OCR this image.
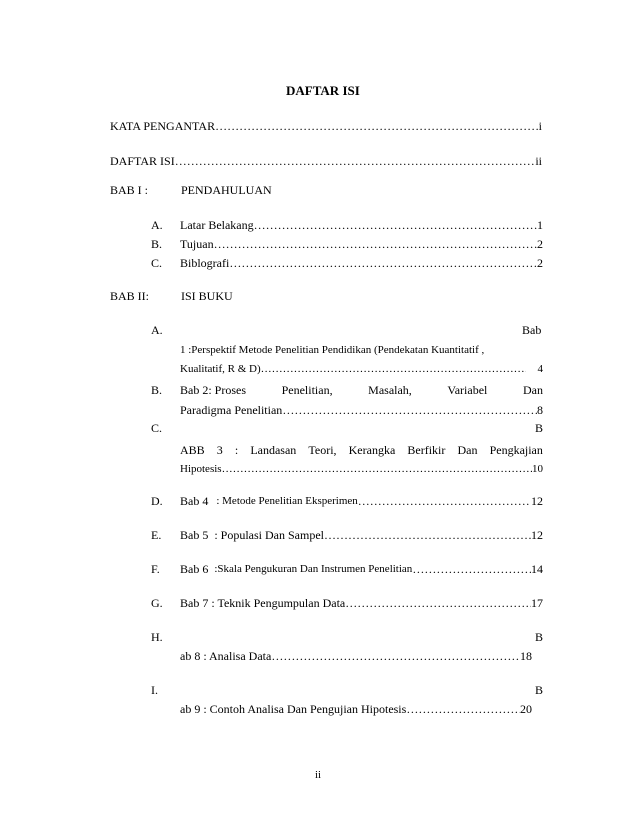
DAFTAR ISI
KATA PENGANTAR ……………………………………………………………………………………………………………………………………………………………………………………	i
DAFTAR ISI ……………………………………………………………………………………………………………………………………………………………………………………	ii
BAB I :	PENDAHULUAN
A. Latar Belakang ……………………………………………………………………………………………………………………………………………………………………………………	1
B. Tujuan ……………………………………………………………………………………………………………………………………………………………………………………	2
C. Biblografi ……………………………………………………………………………………………………………………………………………………………………………………	2
BAB II:	ISI BUKU
A.	Bab
1 :Perspektif Metode Penelitian Pendidikan (Pendekatan Kuantitatif ,
Kualitatif, R & D) ……………………………………………………………………………………………………………………………………………………………………………………	4
B. Bab 2: Proses	Penelitian,	Masalah,	Variabel	Dan
Paradigma Penelitian ……………………………………………………………………………………………………………………………………………………………………………………	8
C.	B
ABB 3 : Landasan Teori, Kerangka Berfikir Dan Pengkajian
Hipotesis ……………………………………………………………………………………………………………………………………………………………………………………	10
D. Bab 4 : Metode Penelitian Eksperimen ……………………………………………………………………………………………………………………………………………………………………………………	12
E. Bab 5 : Populasi Dan Sampel ……………………………………………………………………………………………………………………………………………………………………………………	12
F. Bab 6 :Skala Pengukuran Dan Instrumen Penelitian ……………………………………………………………………………………………………………………………………………………………………………………	14
G. Bab 7 : Teknik Pengumpulan Data ……………………………………………………………………………………………………………………………………………………………………………………	17
H.	B
ab 8 : Analisa Data ……………………………………………………………………………………………………………………………………………………………………………………	18
I.	B
ab 9 : Contoh Analisa Dan Pengujian Hipotesis ……………………………………………………………………………………………………………………………………………………………………………………	20
ii
